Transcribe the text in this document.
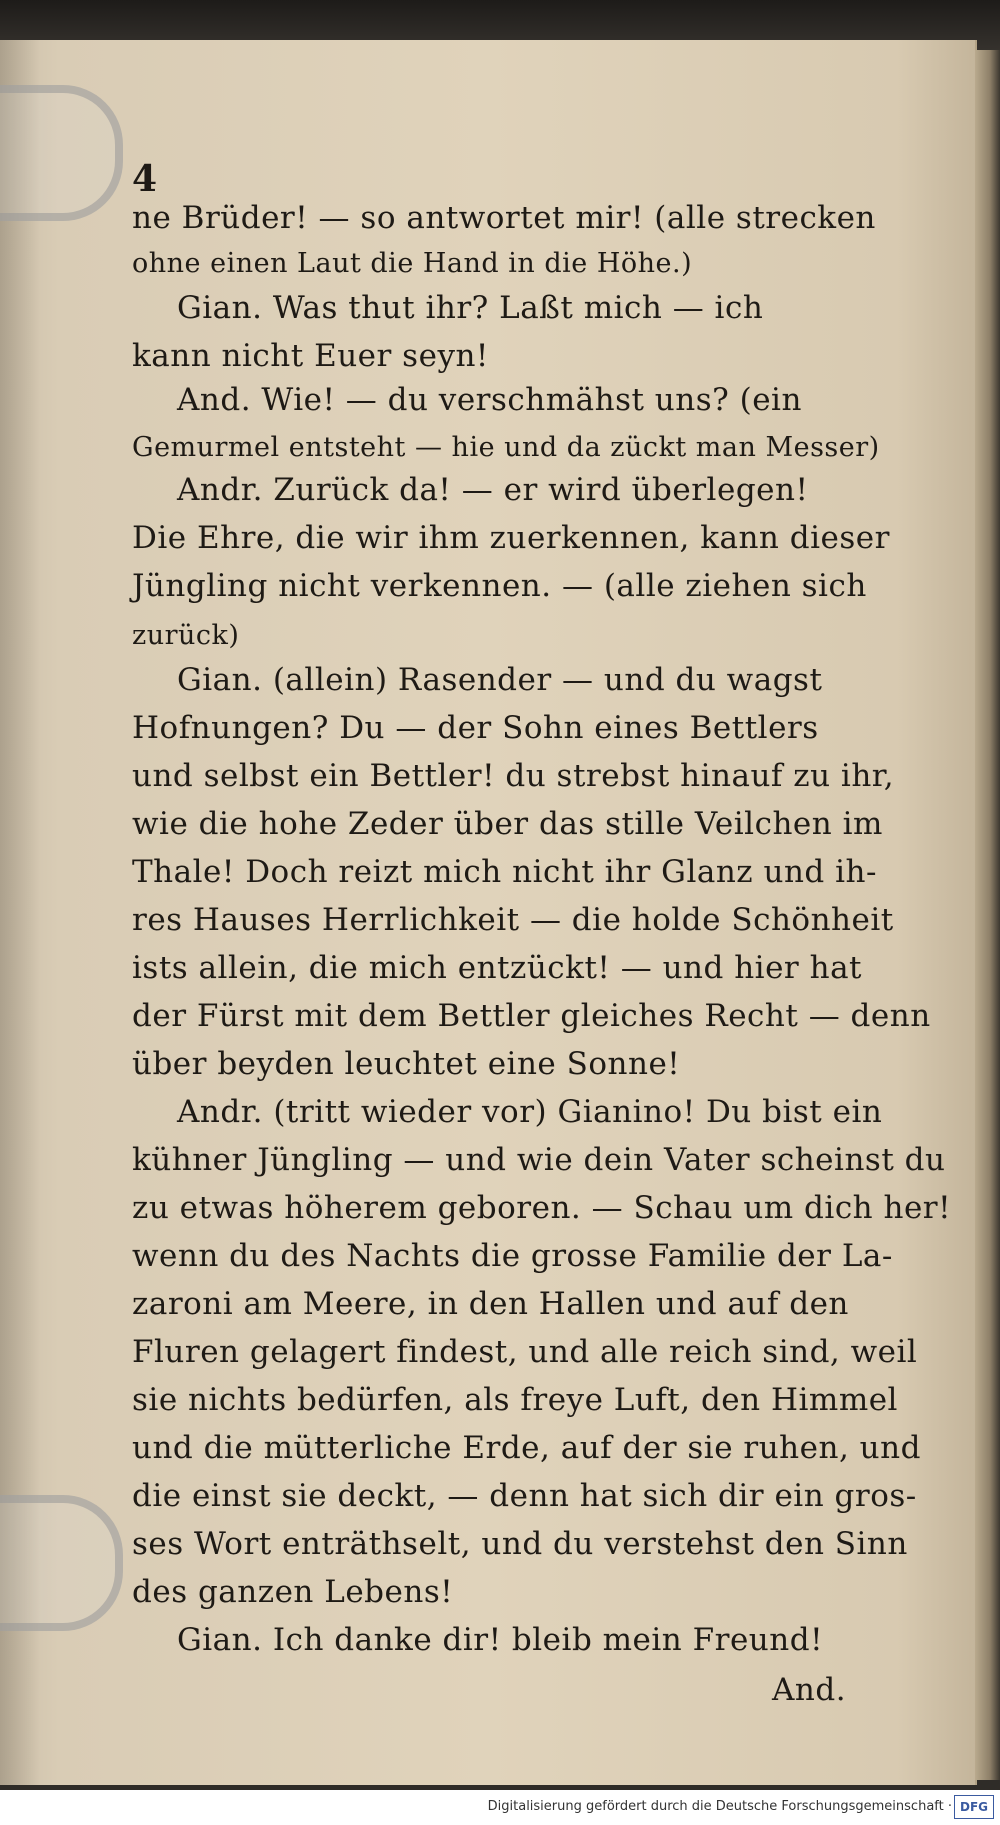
4
ne Brüder! — so antwortet mir! (alle strecken
ohne einen Laut die Hand in die Höhe.)
Gian. Was thut ihr? Laßt mich — ich
kann nicht Euer seyn!
And. Wie! — du verschmähst uns? (ein
Gemurmel entsteht — hie und da zückt man Messer)
Andr. Zurück da! — er wird überlegen!
Die Ehre, die wir ihm zuerkennen, kann dieser
Jüngling nicht verkennen. — (alle ziehen sich
zurück)
Gian. (allein) Rasender — und du wagst
Hofnungen? Du — der Sohn eines Bettlers
und selbst ein Bettler! du strebst hinauf zu ihr,
wie die hohe Zeder über das stille Veilchen im
Thale! Doch reizt mich nicht ihr Glanz und ih-
res Hauses Herrlichkeit — die holde Schönheit
ists allein, die mich entzückt! — und hier hat
der Fürst mit dem Bettler gleiches Recht — denn
über beyden leuchtet eine Sonne!
Andr. (tritt wieder vor) Gianino! Du bist ein
kühner Jüngling — und wie dein Vater scheinst du
zu etwas höherem geboren. — Schau um dich her!
wenn du des Nachts die grosse Familie der La-
zaroni am Meere, in den Hallen und auf den
Fluren gelagert findest, und alle reich sind, weil
sie nichts bedürfen, als freye Luft, den Himmel
und die mütterliche Erde, auf der sie ruhen, und
die einst sie deckt, — denn hat sich dir ein gros-
ses Wort enträthselt, und du verstehst den Sinn
des ganzen Lebens!
Gian. Ich danke dir! bleib mein Freund!
And.
Digitalisierung gefördert durch die Deutsche Forschungsgemeinschaft · DFG
